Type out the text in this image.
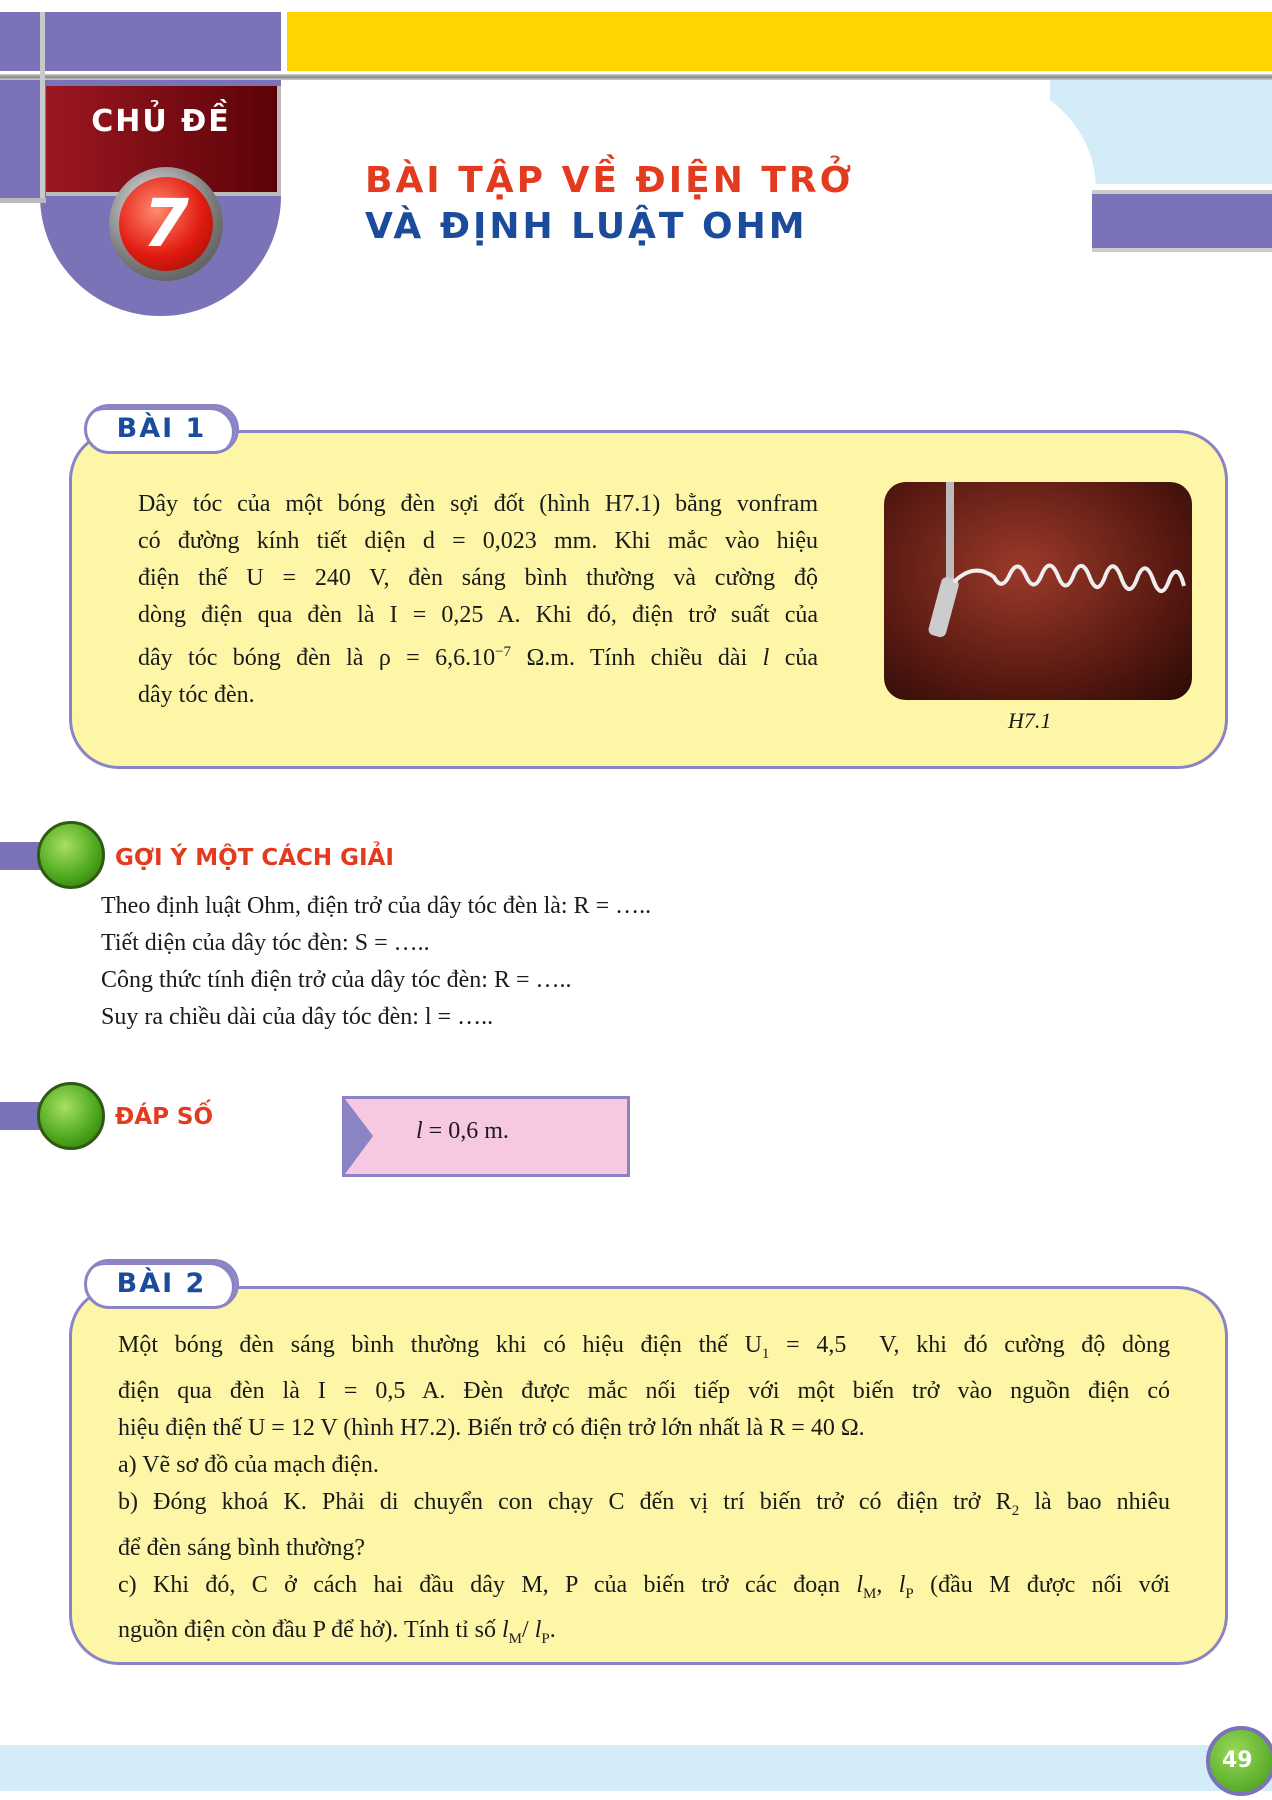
CHỦ ĐỀ
7
BÀI TẬP VỀ ĐIỆN TRỞ
VÀ ĐỊNH LUẬT OHM
BÀI 1
Dây tóc của một bóng đèn sợi đốt (hình H7.1) bằng vonfram
có đường kính tiết diện d = 0,023 mm. Khi mắc vào hiệu
điện thế U = 240 V, đèn sáng bình thường và cường độ
dòng điện qua đèn là I = 0,25 A. Khi đó, điện trở suất của
dây tóc bóng đèn là $\rho = 6,6.10^{-7}$ Ω.m. Tính chiều dài l của
dây tóc đèn.
H7.1
GỢI Ý MỘT CÁCH GIẢI
Theo định luật Ohm, điện trở của dây tóc đèn là: R = …..
Tiết diện của dây tóc đèn: S = …..
Công thức tính điện trở của dây tóc đèn: R = …..
Suy ra chiều dài của dây tóc đèn: l = …..
ĐÁP SỐ
l = 0,6 m.
BÀI 2
Một bóng đèn sáng bình thường khi có hiệu điện thế $U_1 = 4,5$  V, khi đó cường độ dòng
điện qua đèn là I = 0,5 A. Đèn được mắc nối tiếp với một biến trở vào nguồn điện có
hiệu điện thế U = 12 V (hình H7.2). Biến trở có điện trở lớn nhất là R = 40 Ω.
a) Vẽ sơ đồ của mạch điện.
b) Đóng khoá K. Phải di chuyển con chạy C đến vị trí biến trở có điện trở $R_2$ là bao nhiêu
để đèn sáng bình thường?
c) Khi đó, C ở cách hai đầu dây M, P của biến trở các đoạn $l_M$, $l_P$ (đầu M được nối với
nguồn điện còn đầu P để hở). Tính tỉ số $l_M/$ $l_P$.
49
